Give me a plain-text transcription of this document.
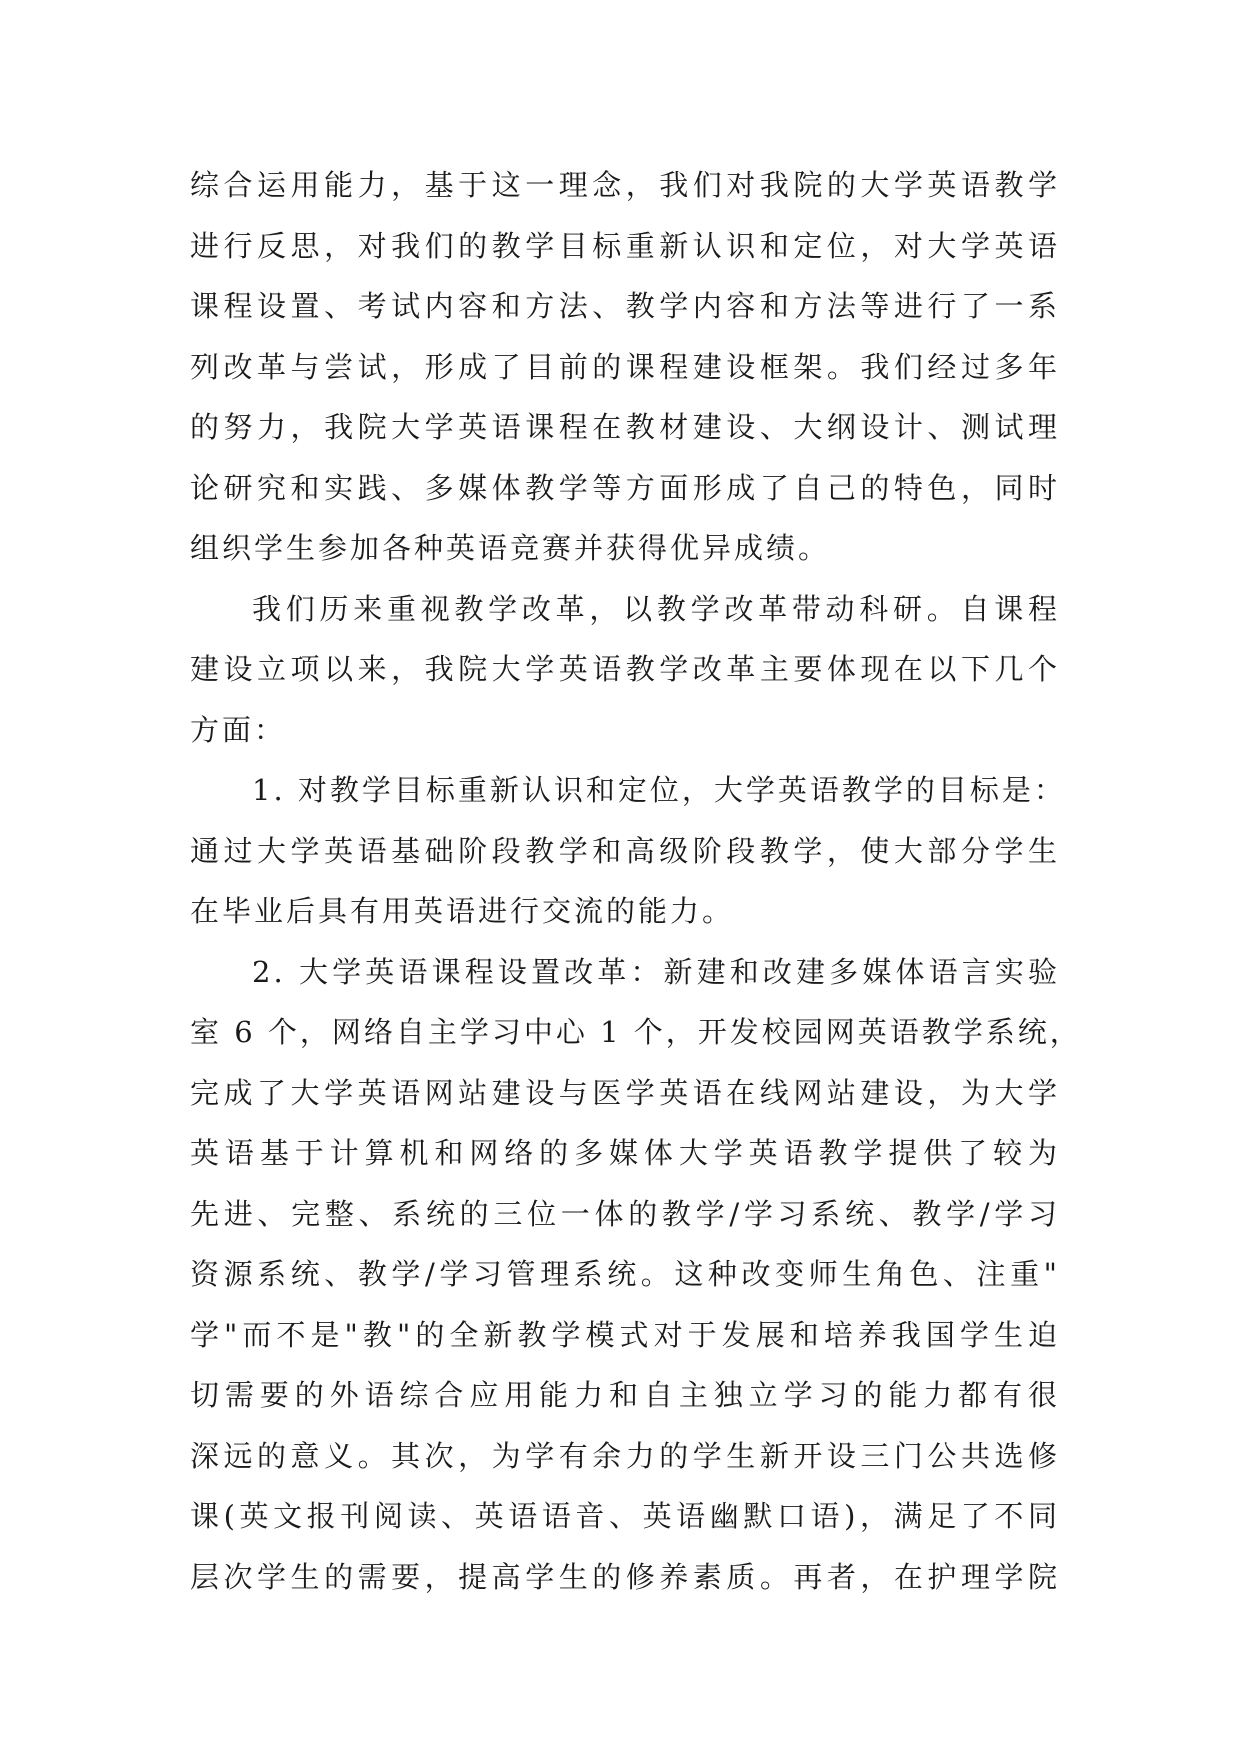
综合运用能力，基于这一理念，我们对我院的大学英语教学
进行反思，对我们的教学目标重新认识和定位，对大学英语
课程设置、考试内容和方法、教学内容和方法等进行了一系
列改革与尝试，形成了目前的课程建设框架。我们经过多年
的努力，我院大学英语课程在教材建设、大纲设计、测试理
论研究和实践、多媒体教学等方面形成了自己的特色，同时
组织学生参加各种英语竞赛并获得优异成绩。
我们历来重视教学改革，以教学改革带动科研。自课程
建设立项以来，我院大学英语教学改革主要体现在以下几个
方面：
1. 对教学目标重新认识和定位，大学英语教学的目标是：
通过大学英语基础阶段教学和高级阶段教学，使大部分学生
在毕业后具有用英语进行交流的能力。
2. 大学英语课程设置改革：新建和改建多媒体语言实验
室 6 个，网络自主学习中心 1 个，开发校园网英语教学系统，
完成了大学英语网站建设与医学英语在线网站建设，为大学
英语基于计算机和网络的多媒体大学英语教学提供了较为
先进、完整、系统的三位一体的教学/学习系统、教学/学习
资源系统、教学/学习管理系统。这种改变师生角色、注重"
学"而不是"教"的全新教学模式对于发展和培养我国学生迫
切需要的外语综合应用能力和自主独立学习的能力都有很
深远的意义。其次，为学有余力的学生新开设三门公共选修
课(英文报刊阅读、英语语音、英语幽默口语)，满足了不同
层次学生的需要，提高学生的修养素质。再者，在护理学院
